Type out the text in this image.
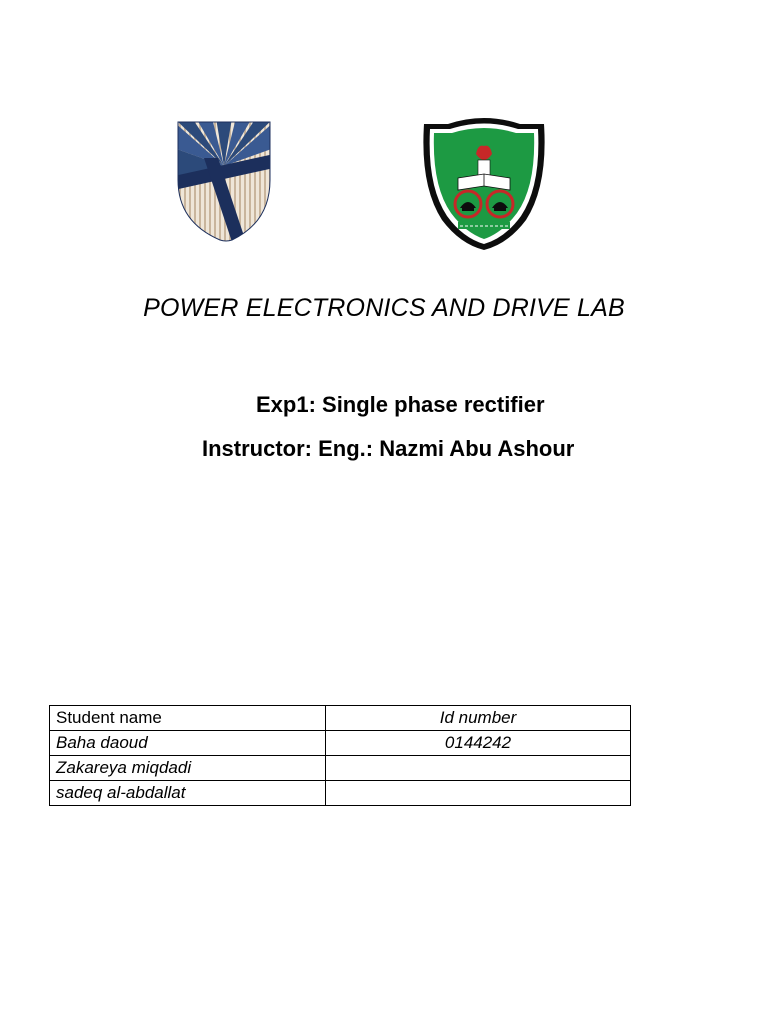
POWER ELECTRONICS AND DRIVE LAB

Exp1: Single phase rectifier

Instructor: Eng.: Nazmi Abu Ashour

Student name	Id number
Baha daoud	0144242
Zakareya miqdadi	
sadeq al-abdallat	
